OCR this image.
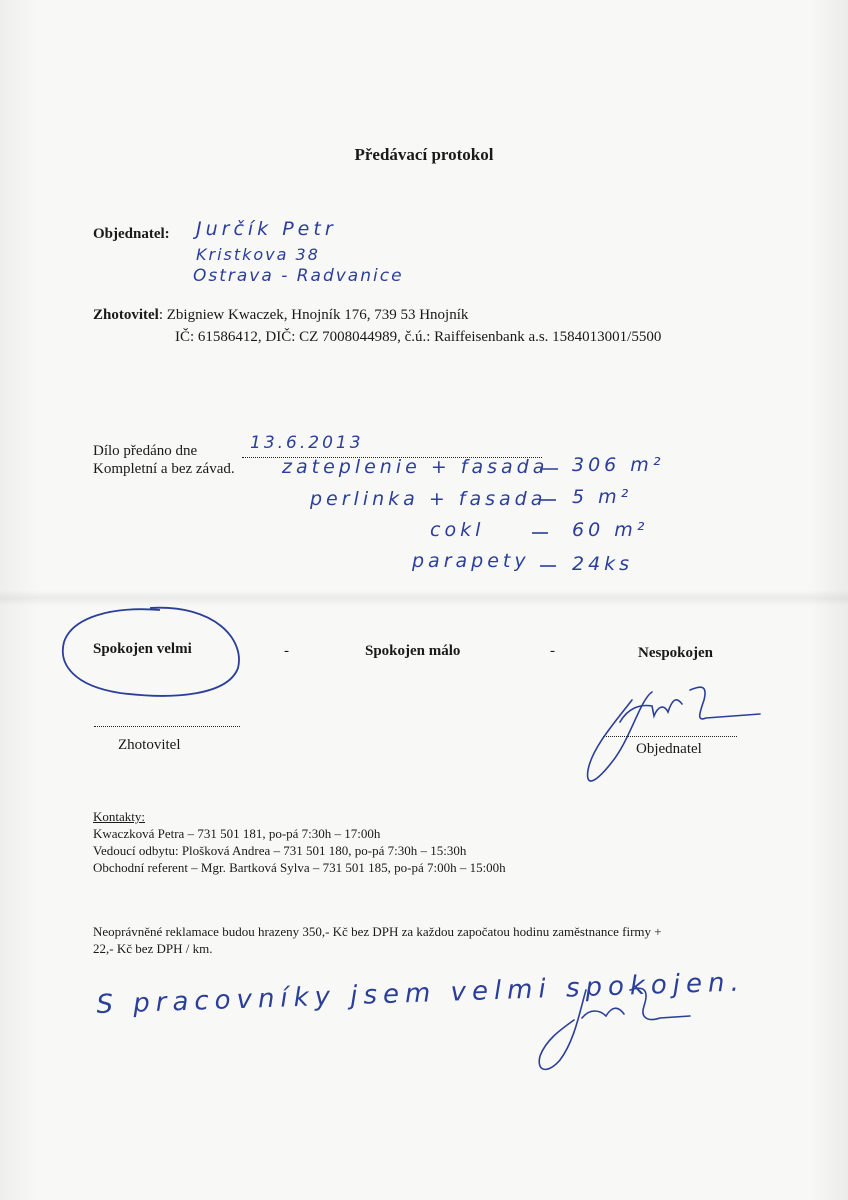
Předávací protokol
Objednatel: Jurčík Petr
Kristkova 38
Ostrava - Radvanice
Zhotovitel: Zbigniew Kwaczek, Hnojník 176, 739 53 Hnojník
IČ: 61586412, DIČ: CZ 7008044989, č.ú.: Raiffeisenbank a.s. 1584013001/5500
Dílo předáno dne	13.6.2013
Kompletní a bez závad. zateplenie + fasada 306 m²
perlinka + fasada 5 m²
cokl	60 m²
parapety 24ks
Spokojen velmi	-	Spokojen málo	-	Nespokojen
Zhotovitel	Objednatel
Kontakty:
Kwaczková Petra – 731 501 181, po-pá 7:30h – 17:00h
Vedoucí odbytu: Plošková Andrea – 731 501 180, po-pá 7:30h – 15:30h
Obchodní referent – Mgr. Bartková Sylva – 731 501 185, po-pá 7:00h – 15:00h
Neoprávněné reklamace budou hrazeny 350,- Kč bez DPH za každou započatou hodinu zaměstnance firmy +
22,- Kč bez DPH / km.
S pracovníky jsem velmi spokojen.
